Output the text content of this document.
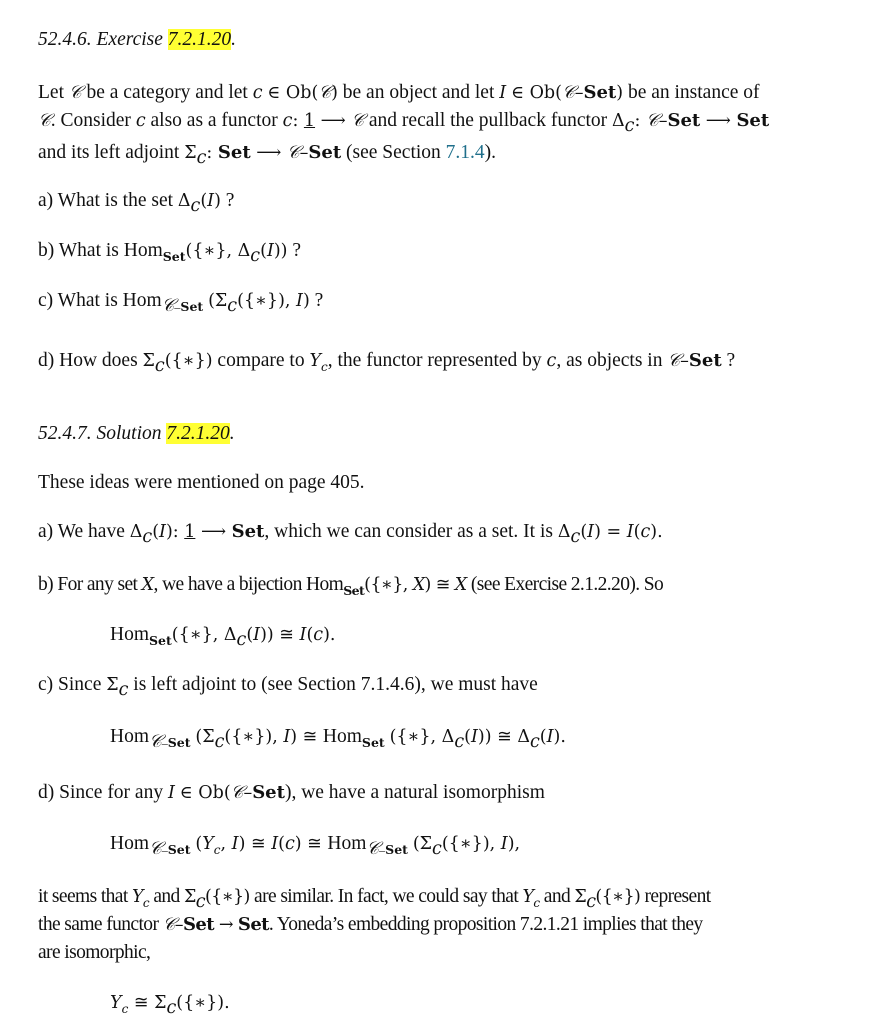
52.4.6. Exercise 7.2.1.20.
Let 𝒞 be a category and let c ∈ Ob(𝒞) be an object and let I ∈ Ob(𝒞–Set) be an instance of
𝒞. Consider c also as a functor c: 1 ⟶ 𝒞 and recall the pullback functor $\Delta_c$: 𝒞–Set ⟶ Set
and its left adjoint $\Sigma_c$: Set ⟶ 𝒞–Set (see Section 7.1.4).
a) What is the set $\Delta_c(I)$ ?
b) What is Hom$_{Set}$({∗}, $\Delta_c(I)$) ?
c) What is Hom$_{𝒞-Set}$ ($\Sigma_c(\{∗\})$, I) ?
d) How does $\Sigma_c(\{∗\})$ compare to $Y_c$, the functor represented by c, as objects in 𝒞–Set ?
52.4.7. Solution 7.2.1.20.
These ideas were mentioned on page 405.
a) We have $\Delta_c(I)$: 1 ⟶ Set, which we can consider as a set. It is $\Delta_c(I) = I(c)$.
b) For any set X, we have a bijection Hom$_{Set}$({∗}, X) ≅ X (see Exercise 2.1.2.20). So
Hom$_{Set}$({∗}, $\Delta_c(I)$) ≅ I(c).
c) Since $\Sigma_c$ is left adjoint to (see Section 7.1.4.6), we must have
Hom$_{𝒞-Set}$ ($\Sigma_c(\{∗\})$, I) ≅ Hom$_{Set}$ ({∗}, $\Delta_c(I)$) ≅ $\Delta_c(I)$.
d) Since for any I ∈ Ob(𝒞–Set), we have a natural isomorphism
Hom$_{𝒞-Set}$ ($Y_c$, I) ≅ I(c) ≅ Hom$_{𝒞-Set}$ ($\Sigma_c(\{∗\})$, I),
it seems that $Y_c$ and $\Sigma_c(\{∗\})$ are similar. In fact, we could say that $Y_c$ and $\Sigma_c(\{∗\})$ represent
the same functor 𝒞–Set → Set. Yoneda’s embedding proposition 7.2.1.21 implies that they
are isomorphic,
$Y_c$ ≅ $\Sigma_c(\{∗\})$.
